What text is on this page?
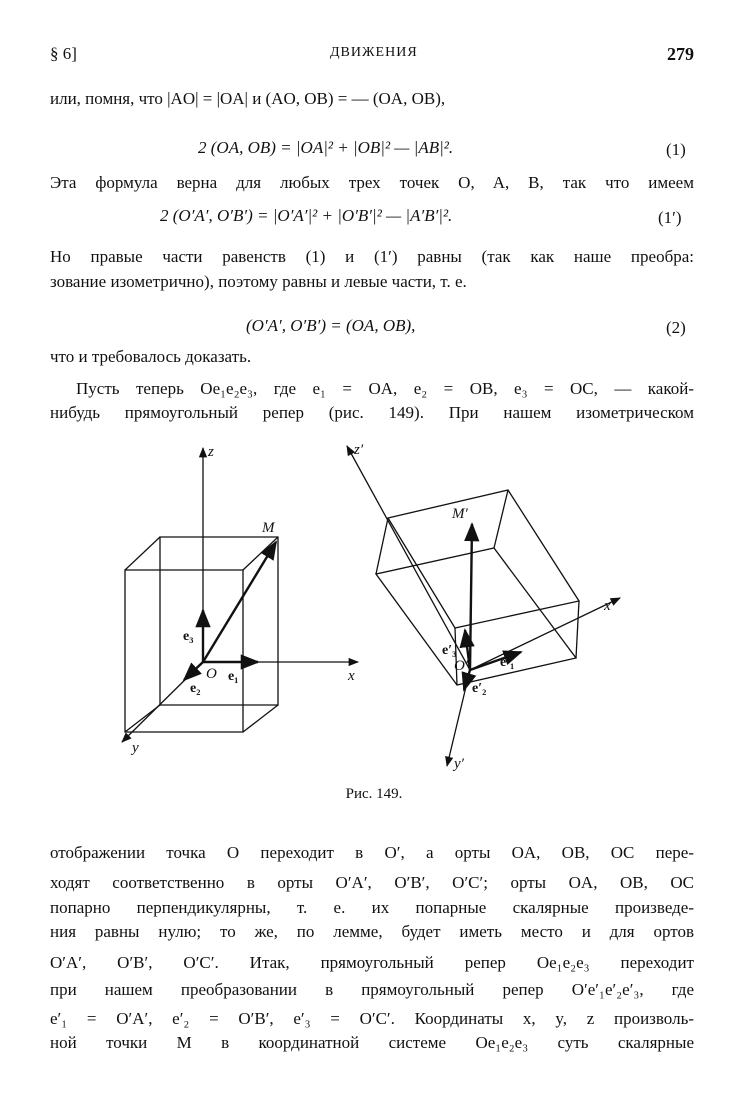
§ 6]	ДВИЖЕНИЯ	279
или, помня, что |AO| = |OA| и (AO, OB) = — (OA, OB),
2 (OA, OB) = |OA|² + |OB|² — |AB|².	(1)
Эта формула верна для любых трех точек O, A, B, так что имеем
2 (O′A′, O′B′) = |O′A′|² + |O′B′|² — |A′B′|².	(1′)
Но правые части равенств (1) и (1′) равны (так как наше преобра:
зование изометрично), поэтому равны и левые части, т. е.
(O′A′, O′B′) = (OA, OB),	(2)
что и требовалось доказать.
Пусть теперь Oe₁e₂e₃, где e₁ = OA, e₂ = OB, e₃ = OC, — какой-
нибудь прямоугольный репер (рис. 149). При нашем изометрическом
z
x
y
M
O e₁
e₂
e₃
z′
x′
y′
M′
O′ e′₁
e′₂
e′₃
Рис. 149.
отображении точка O переходит в O′, а орты OA, OB, OC пере-
ходят соответственно в орты O′A′, O′B′, O′C′; орты OA, OB, OC
попарно перпендикулярны, т. е. их попарные скалярные произведе-
ния равны нулю; то же, по лемме, будет иметь место и для ортов
O′A′, O′B′, O′C′. Итак, прямоугольный репер Oe₁e₂e₃ переходит
при нашем преобразовании в прямоугольный репер O′e′₁e′₂e′₃, где
e′₁ = O′A′, e′₂ = O′B′, e′₃ = O′C′. Координаты x, y, z произволь-
ной точки M в координатной системе Oe₁e₂e₃ суть скалярные
